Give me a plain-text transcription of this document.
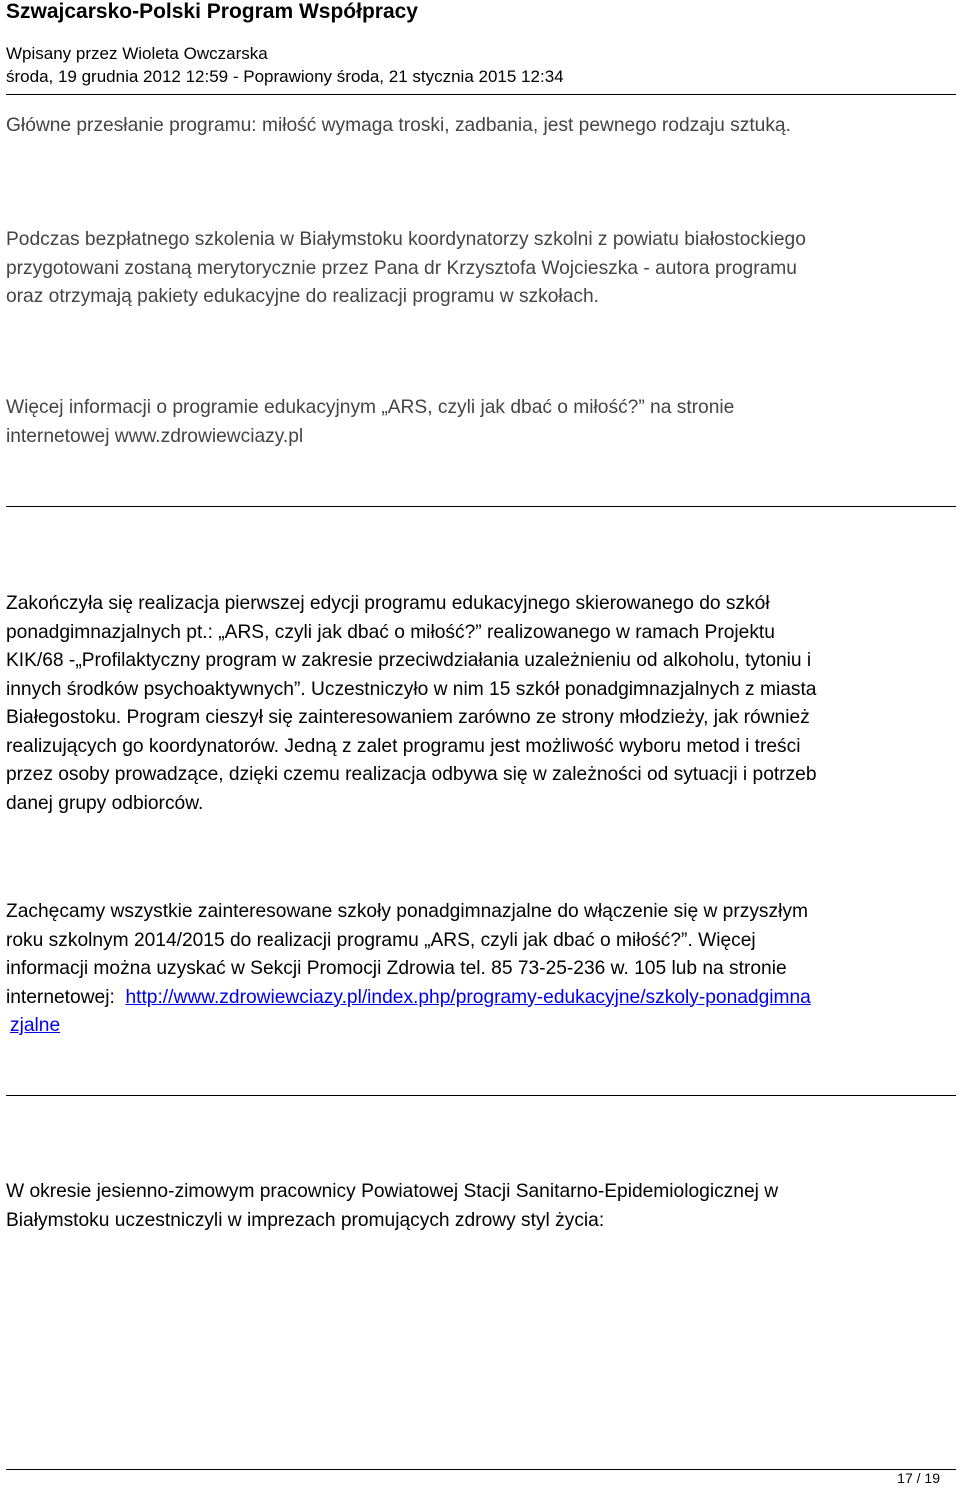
Szwajcarsko-Polski Program Współpracy
Wpisany przez Wioleta Owczarska
środa, 19 grudnia 2012 12:59 - Poprawiony środa, 21 stycznia 2015 12:34
Główne przesłanie programu: miłość wymaga troski, zadbania, jest pewnego rodzaju sztuką.
Podczas bezpłatnego szkolenia w Białymstoku koordynatorzy szkolni z powiatu białostockiego
przygotowani zostaną merytorycznie przez Pana dr Krzysztofa Wojcieszka - autora programu
oraz otrzymają pakiety edukacyjne do realizacji programu w szkołach.
Więcej informacji o programie edukacyjnym „ARS, czyli jak dbać o miłość?” na stronie
internetowej www.zdrowiewciazy.pl
Zakończyła się realizacja pierwszej edycji programu edukacyjnego skierowanego do szkół
ponadgimnazjalnych pt.: „ARS, czyli jak dbać o miłość?” realizowanego w ramach Projektu
KIK/68 -„Profilaktyczny program w zakresie przeciwdziałania uzależnieniu od alkoholu, tytoniu i
innych środków psychoaktywnych”. Uczestniczyło w nim 15 szkół ponadgimnazjalnych z miasta
Białegostoku. Program cieszył się zainteresowaniem zarówno ze strony młodzieży, jak również
realizujących go koordynatorów. Jedną z zalet programu jest możliwość wyboru metod i treści
przez osoby prowadzące, dzięki czemu realizacja odbywa się w zależności od sytuacji i potrzeb
danej grupy odbiorców.
Zachęcamy wszystkie zainteresowane szkoły ponadgimnazjalne do włączenie się w przyszłym
roku szkolnym 2014/2015 do realizacji programu „ARS, czyli jak dbać o miłość?”. Więcej
informacji można uzyskać w Sekcji Promocji Zdrowia tel. 85 73-25-236 w. 105 lub na stronie
internetowej:  http://www.zdrowiewciazy.pl/index.php/programy-edukacyjne/szkoly-ponadgimna
zjalne
W okresie jesienno-zimowym pracownicy Powiatowej Stacji Sanitarno-Epidemiologicznej w
Białymstoku uczestniczyli w imprezach promujących zdrowy styl życia:
17 / 19
